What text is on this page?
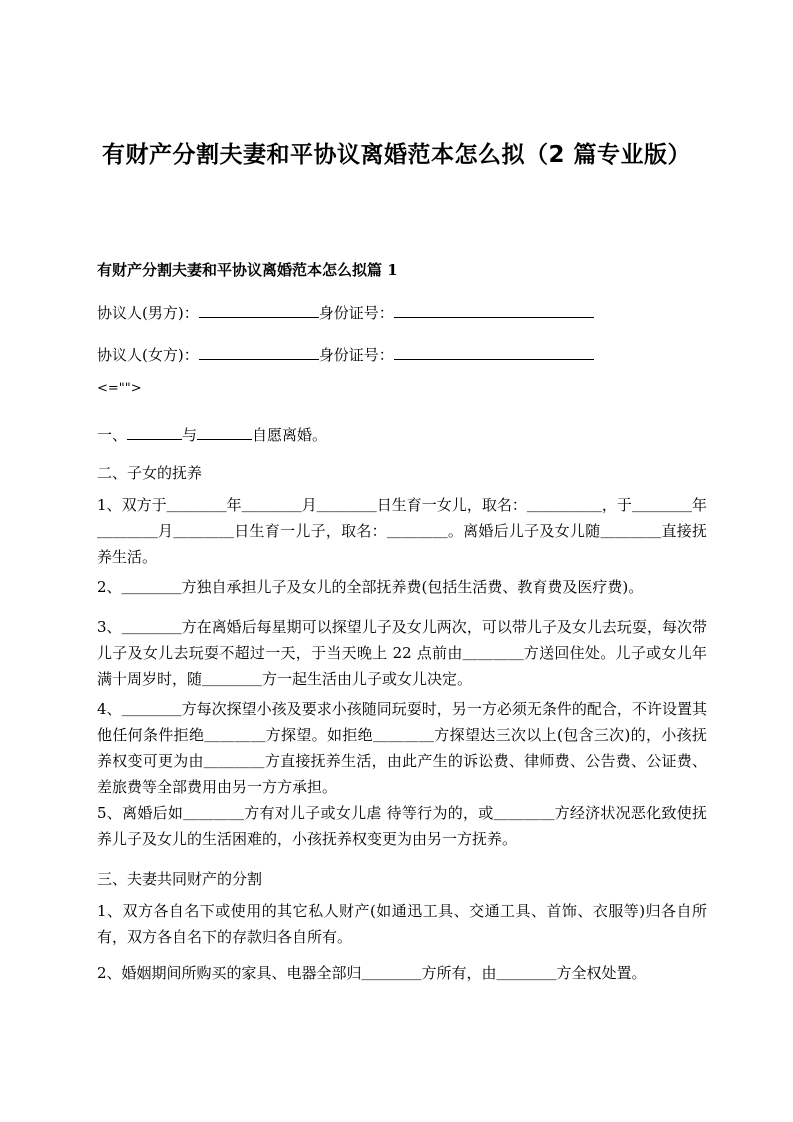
有财产分割夫妻和平协议离婚范本怎么拟（2 篇专业版）
有财产分割夫妻和平协议离婚范本怎么拟篇 1
协议人(男方)：	身份证号：
协议人(女方)：	身份证号：
<="">
一、	与	自愿离婚。
二、子女的抚养
1、双方于＿＿＿＿年＿＿＿＿月＿＿＿＿日生育一女儿，取名：＿＿＿＿＿，于＿＿＿＿年＿＿＿＿月＿＿＿＿日生育一儿子，取名：＿＿＿＿。离婚后儿子及女儿随＿＿＿＿直接抚养生活。
2、＿＿＿＿方独自承担儿子及女儿的全部抚养费(包括生活费、教育费及医疗费)。
3、＿＿＿＿方在离婚后每星期可以探望儿子及女儿两次，可以带儿子及女儿去玩耍，每次带儿子及女儿去玩耍不超过一天，于当天晚上 22 点前由＿＿＿＿方送回住处。儿子或女儿年满十周岁时，随＿＿＿＿方一起生活由儿子或女儿决定。
4、＿＿＿＿方每次探望小孩及要求小孩随同玩耍时，另一方必须无条件的配合，不许设置其他任何条件拒绝＿＿＿＿方探望。如拒绝＿＿＿＿方探望达三次以上(包含三次)的，小孩抚养权变可更为由＿＿＿＿方直接抚养生活，由此产生的诉讼费、律师费、公告费、公证费、差旅费等全部费用由另一方方承担。
5、离婚后如＿＿＿＿方有对儿子或女儿虐 待等行为的，或＿＿＿＿方经济状况恶化致使抚养儿子及女儿的生活困难的，小孩抚养权变更为由另一方抚养。
三、夫妻共同财产的分割
1、双方各自名下或使用的其它私人财产(如通迅工具、交通工具、首饰、衣服等)归各自所有，双方各自名下的存款归各自所有。
2、婚姻期间所购买的家具、电器全部归＿＿＿＿方所有，由＿＿＿＿方全权处置。
